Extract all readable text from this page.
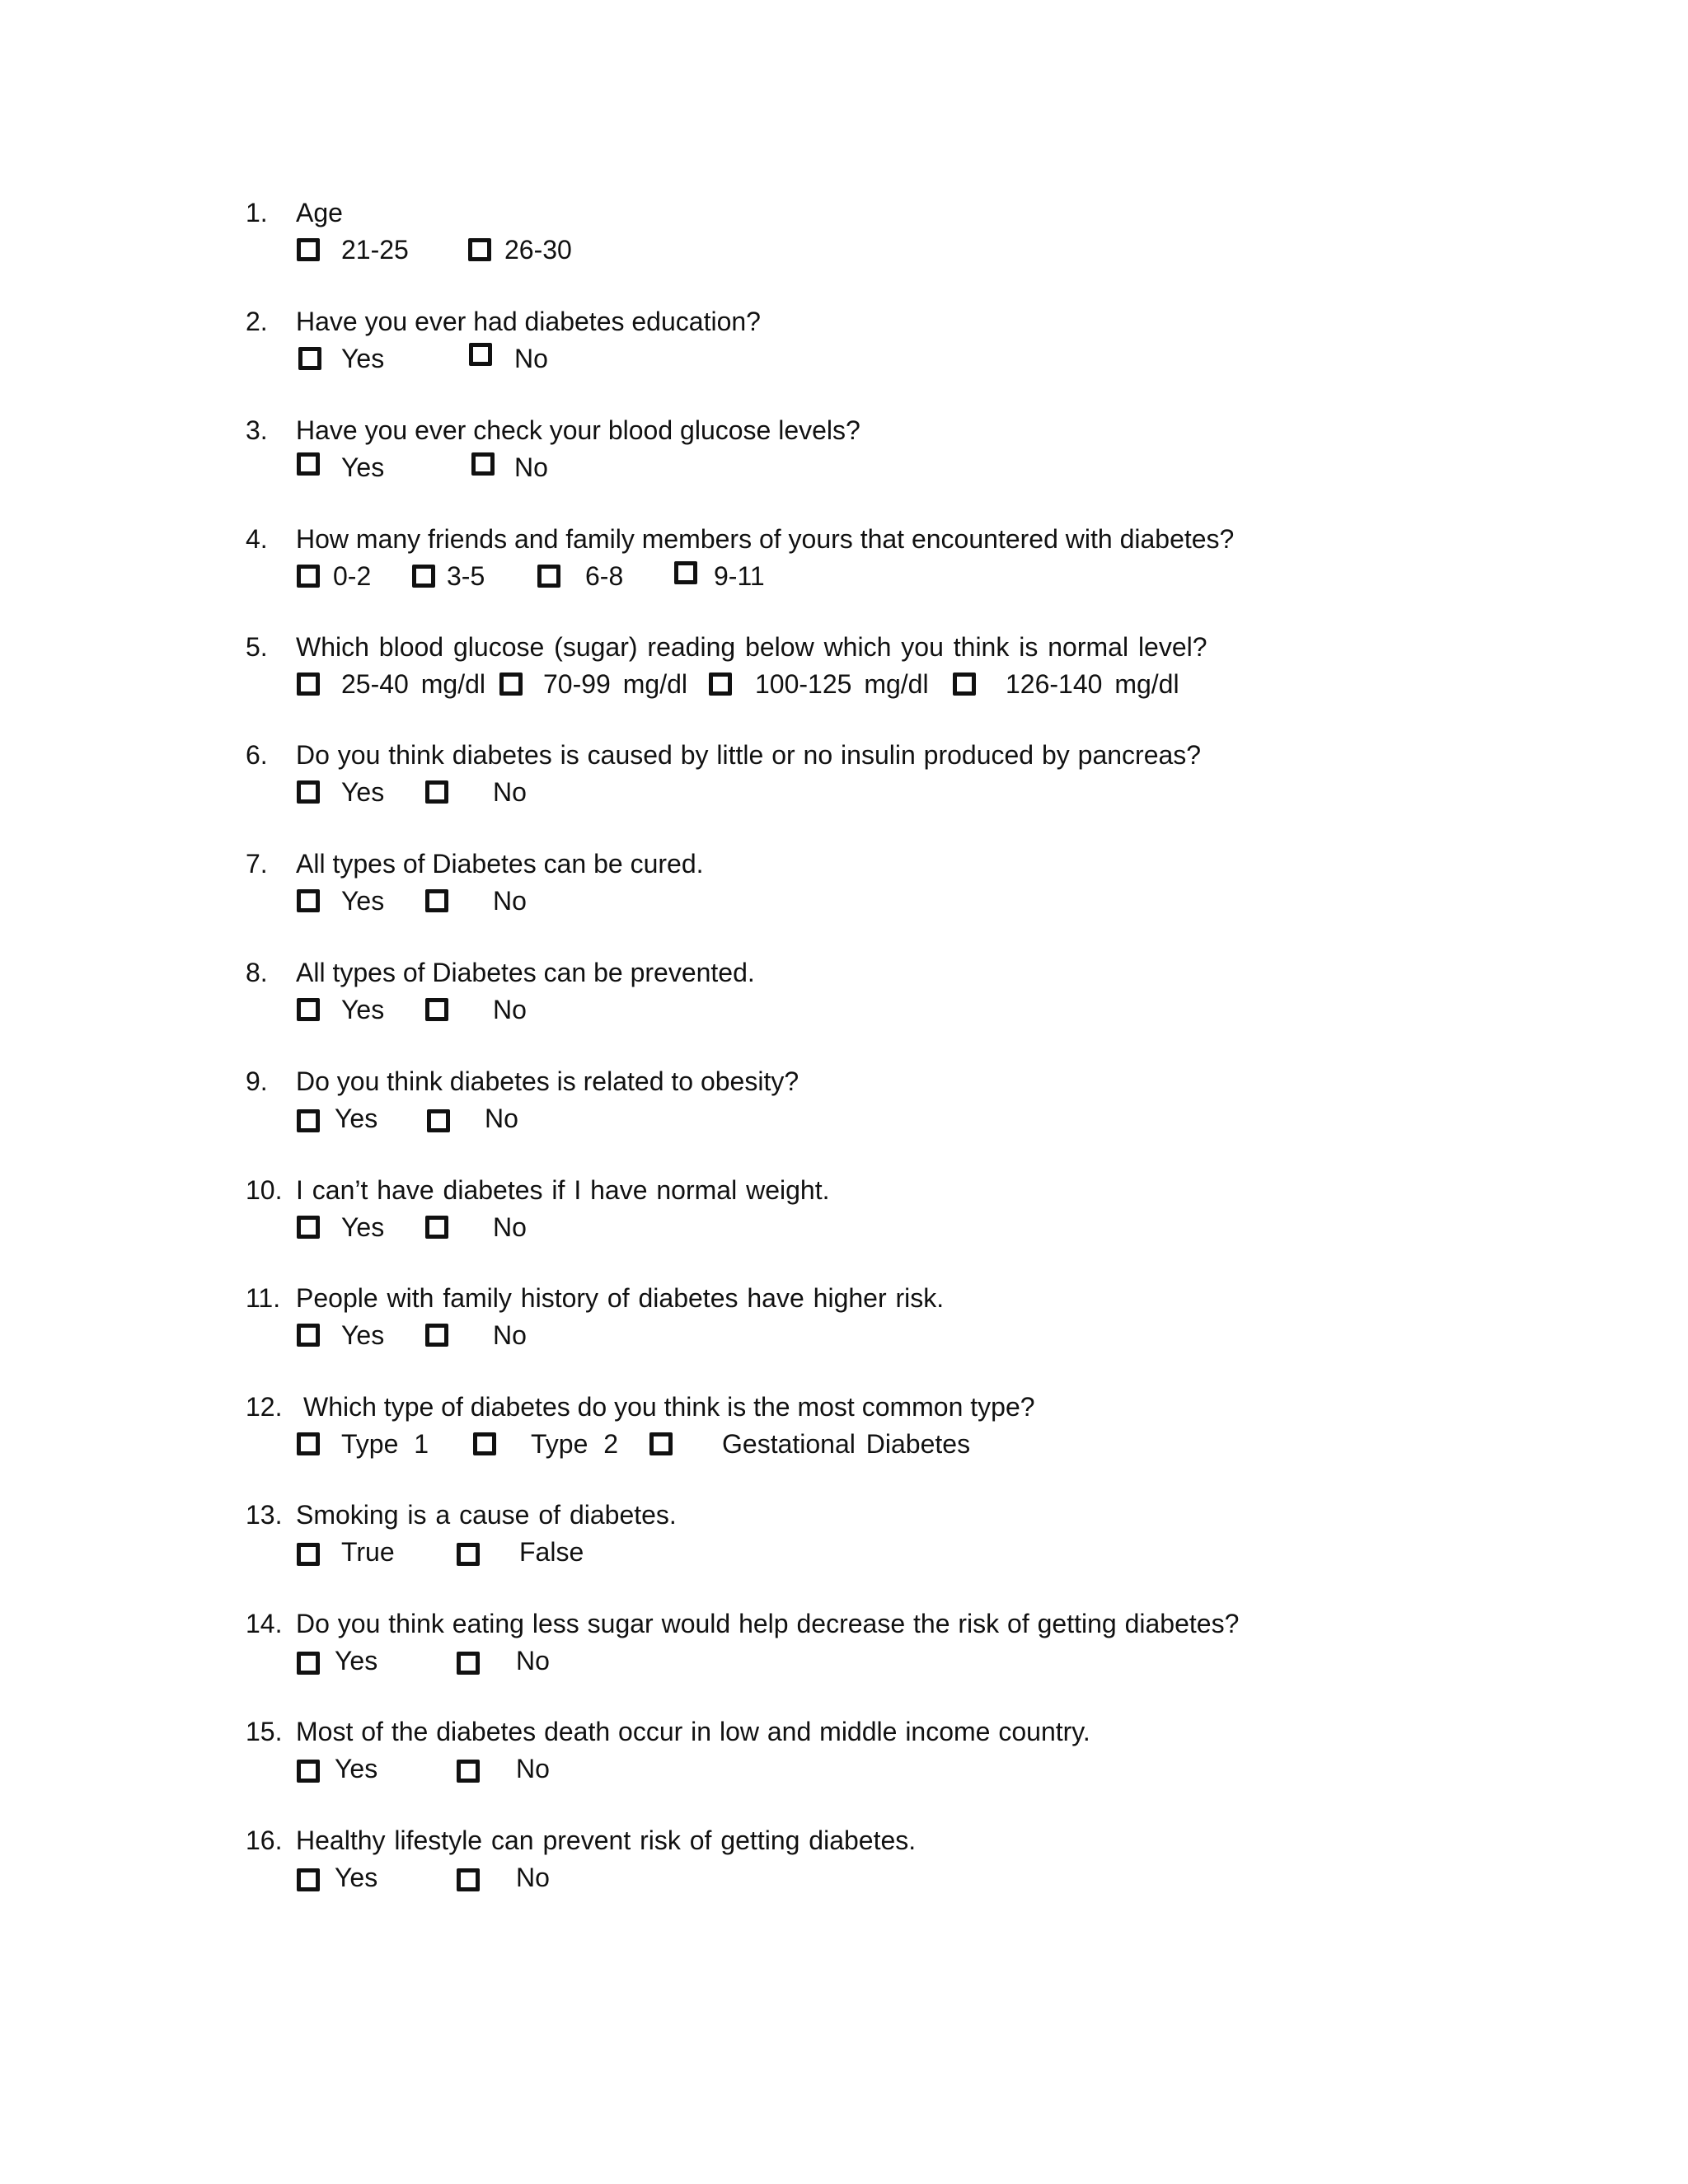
1. Age
21-25	26-30
2. Have you ever had diabetes education?
Yes	No
3. Have you ever check your blood glucose levels?
Yes	No
4. How many friends and family members of yours that encountered with diabetes?
0-2	3-5	6-8	9-11
5. Which blood glucose (sugar) reading below which you think is normal level?
25-40 mg/dl 70-99 mg/dl	100-125 mg/dl	126-140 mg/dl
6. Do you think diabetes is caused by little or no insulin produced by pancreas?
Yes	No
7. All types of Diabetes can be cured.
Yes	No
8. All types of Diabetes can be prevented.
Yes	No
9. Do you think diabetes is related to obesity?
Yes	No
10. I can’t have diabetes if I have normal weight.
Yes	No
11. People with family history of diabetes have higher risk.
Yes	No
12. Which type of diabetes do you think is the most common type?
Type 1	Type 2	Gestational Diabetes
13. Smoking is a cause of diabetes.
True	False
14. Do you think eating less sugar would help decrease the risk of getting diabetes?
Yes	No
15. Most of the diabetes death occur in low and middle income country.
Yes	No
16. Healthy lifestyle can prevent risk of getting diabetes.
Yes	No
